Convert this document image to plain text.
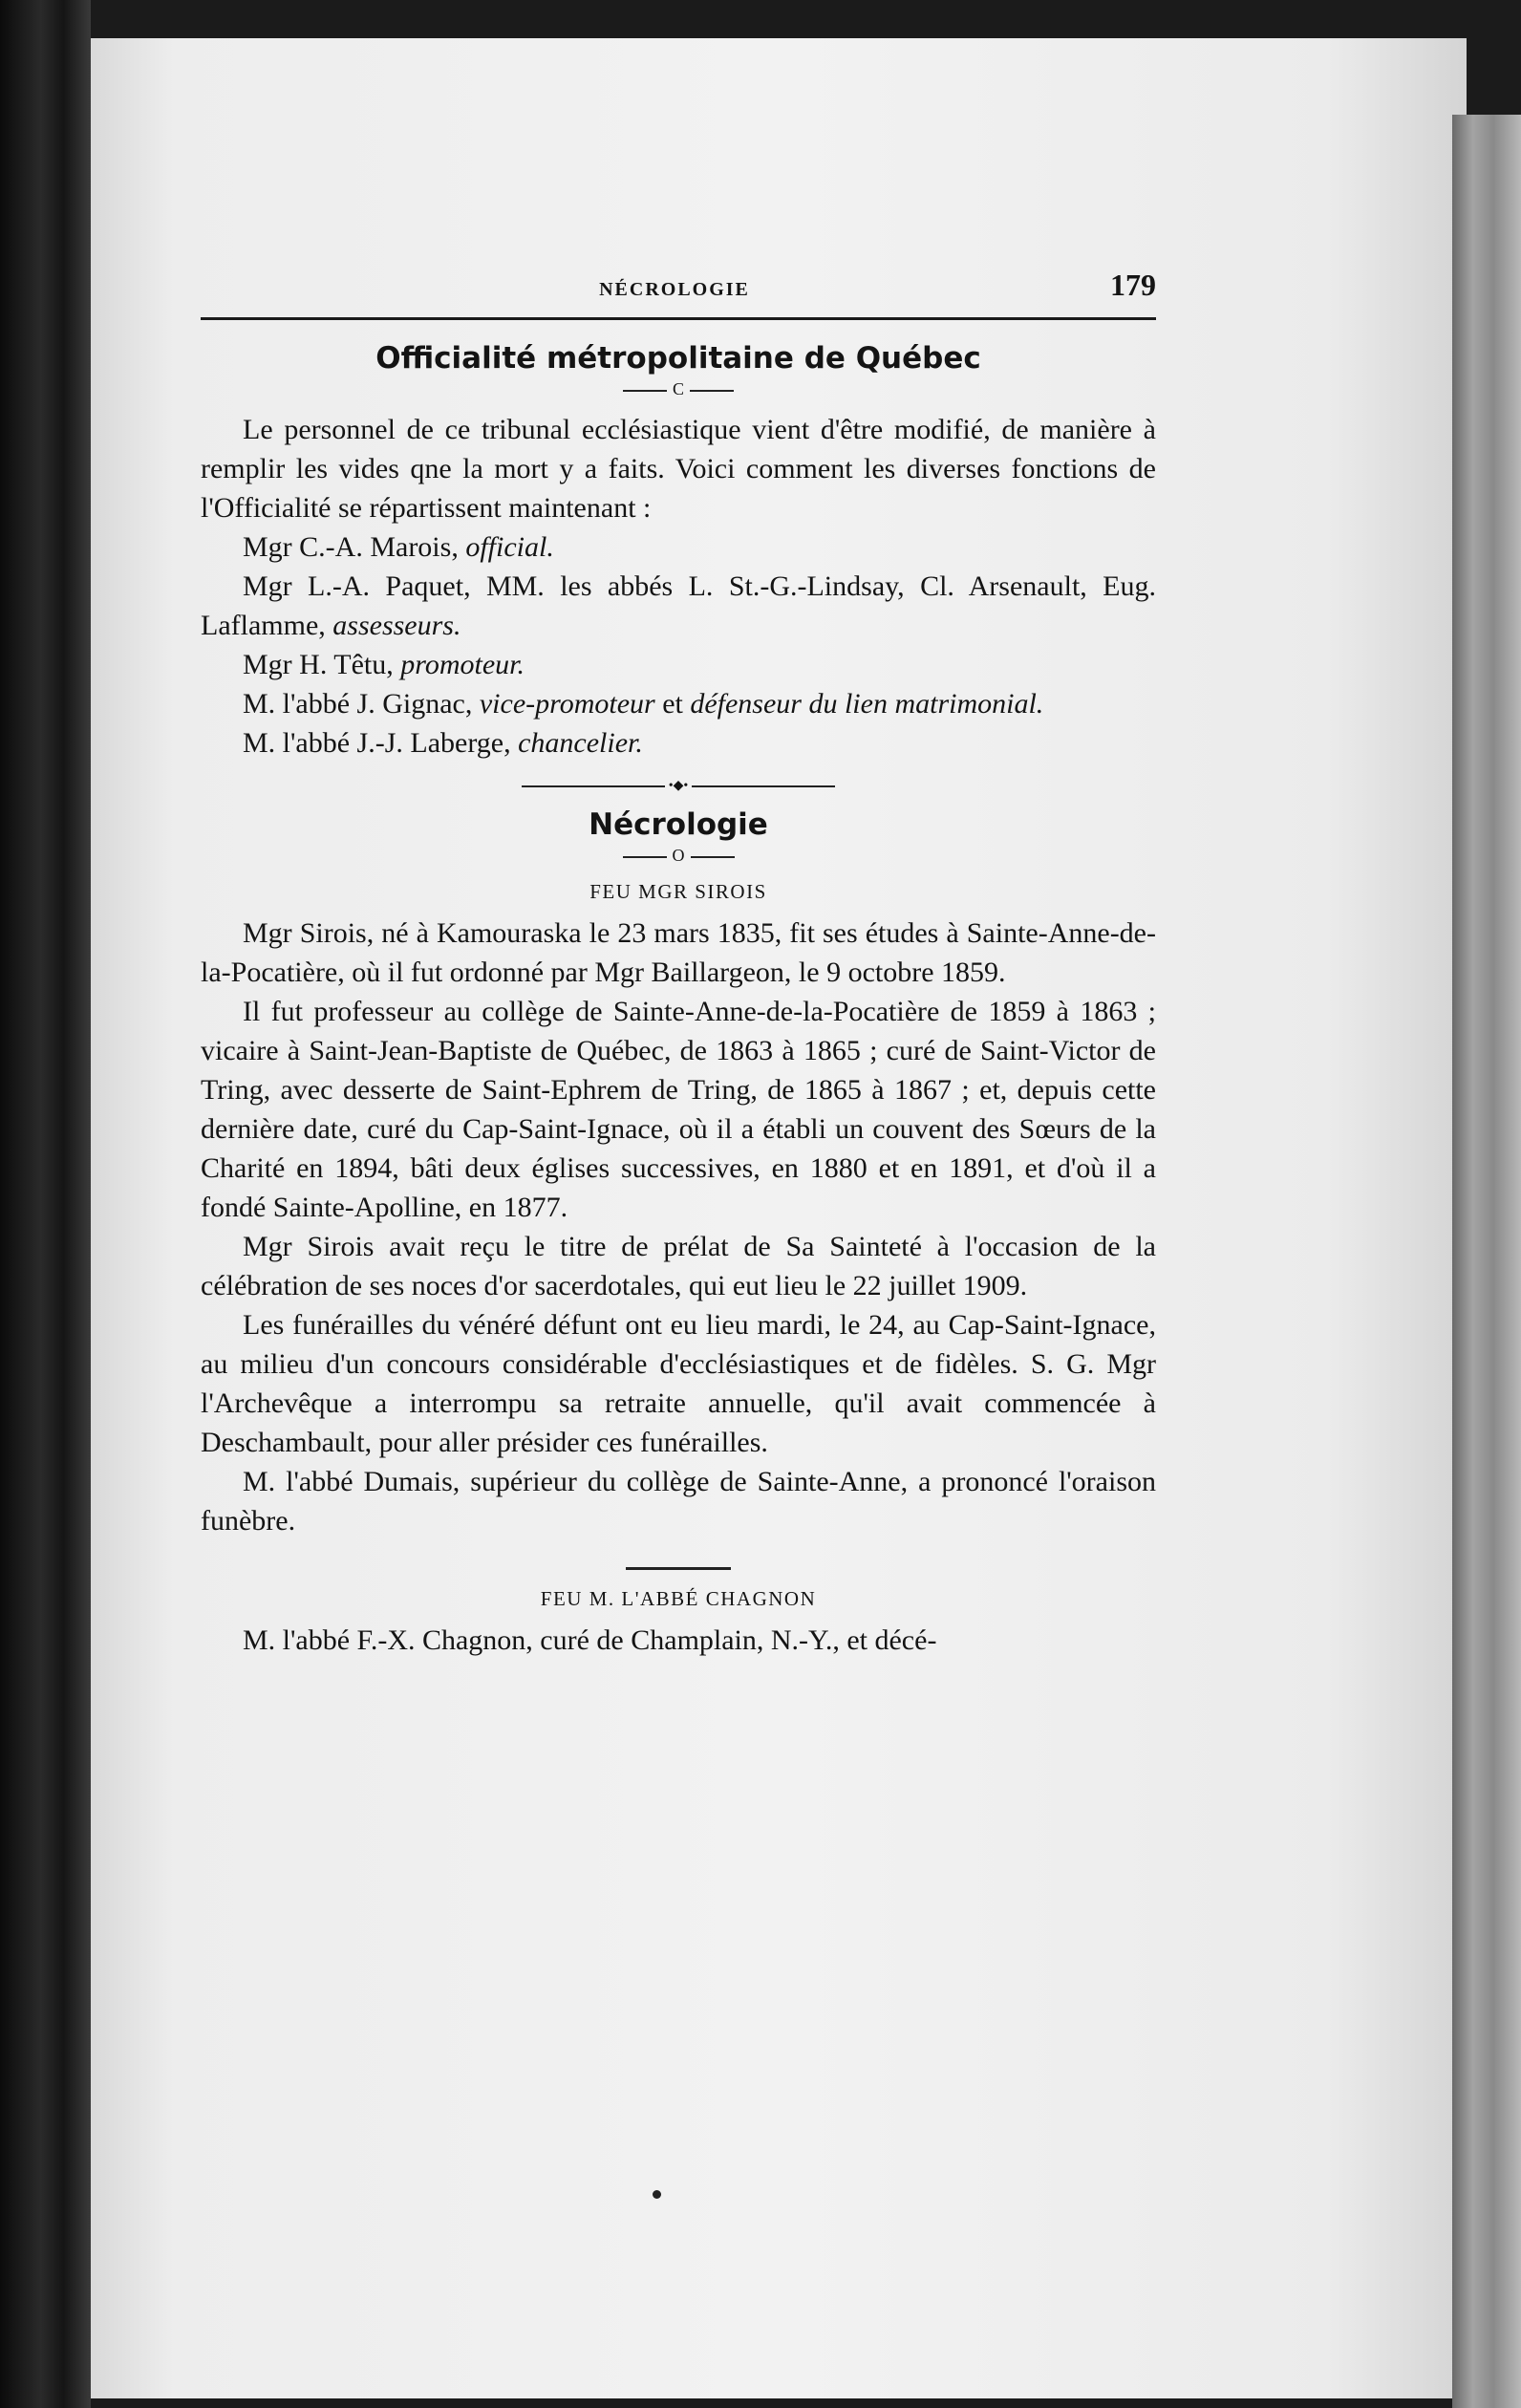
NÉCROLOGIE	179
Officialité métropolitaine de Québec
C

Le personnel de ce tribunal ecclésiastique vient d'être modifié, de manière à remplir les vides qne la mort y a faits. Voici comment les diverses fonctions de l'Officialité se répartissent maintenant :

Mgr C.-A. Marois, official.

Mgr L.-A. Paquet, MM. les abbés L. St.-G.-Lindsay, Cl. Arsenault, Eug. Laflamme, assesseurs.

Mgr H. Têtu, promoteur.

M. l'abbé J. Gignac, vice-promoteur et défenseur du lien matrimonial.

M. l'abbé J.-J. Laberge, chancelier.

•◆•
Nécrologie
O
FEU MGR SIROIS

Mgr Sirois, né à Kamouraska le 23 mars 1835, fit ses études à Sainte-Anne-de-la-Pocatière, où il fut ordonné par Mgr Baillargeon, le 9 octobre 1859.

Il fut professeur au collège de Sainte-Anne-de-la-Pocatière de 1859 à 1863 ; vicaire à Saint-Jean-Baptiste de Québec, de 1863 à 1865 ; curé de Saint-Victor de Tring, avec desserte de Saint-Ephrem de Tring, de 1865 à 1867 ; et, depuis cette dernière date, curé du Cap-Saint-Ignace, où il a établi un couvent des Sœurs de la Charité en 1894, bâti deux églises successives, en 1880 et en 1891, et d'où il a fondé Sainte-Apolline, en 1877.

Mgr Sirois avait reçu le titre de prélat de Sa Sainteté à l'occasion de la célébration de ses noces d'or sacerdotales, qui eut lieu le 22 juillet 1909.

Les funérailles du vénéré défunt ont eu lieu mardi, le 24, au Cap-Saint-Ignace, au milieu d'un concours considérable d'ecclésiastiques et de fidèles. S. G. Mgr l'Archevêque a interrompu sa retraite annuelle, qu'il avait commencée à Deschambault, pour aller présider ces funérailles.

M. l'abbé Dumais, supérieur du collège de Sainte-Anne, a prononcé l'oraison funèbre.

FEU M. L'ABBÉ CHAGNON

M. l'abbé F.-X. Chagnon, curé de Champlain, N.-Y., et décé-
